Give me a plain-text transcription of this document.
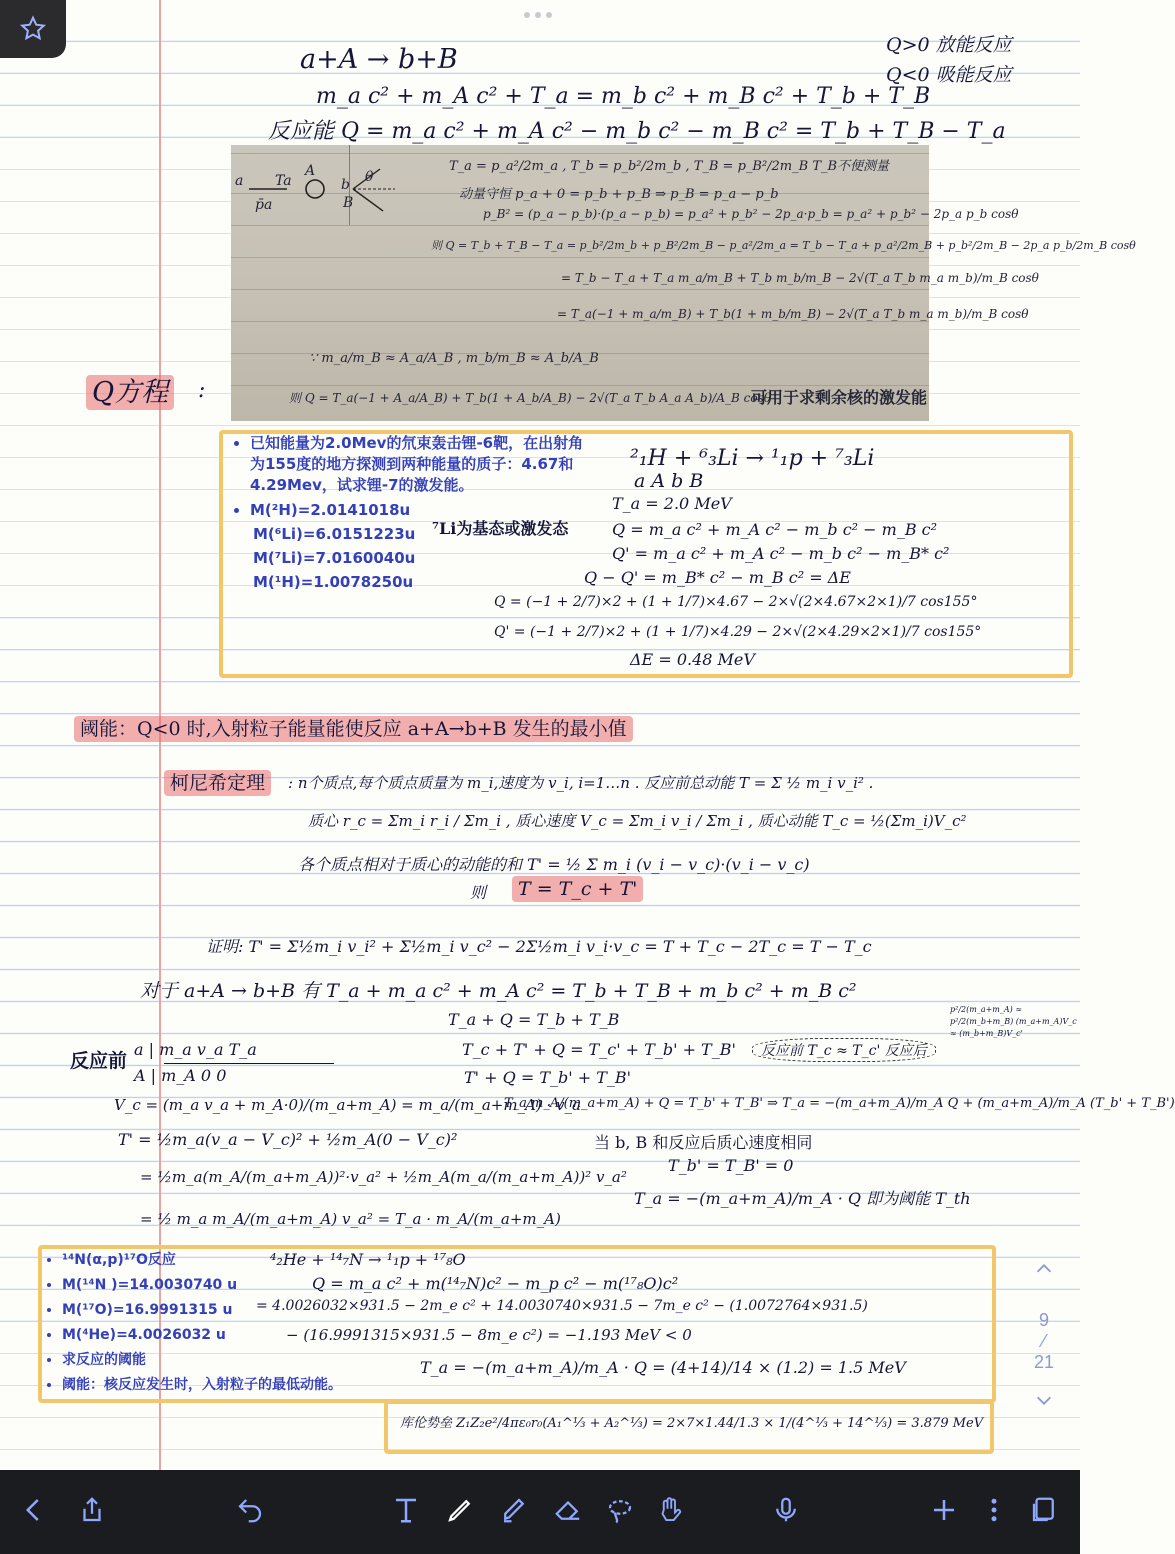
a+A → b+B
m_a c² + m_A c² + T_a = m_b c² + m_B c² + T_b + T_B
反应能 Q = m_a c² + m_A c² − m_b c² − m_B c² = T_b + T_B − T_a
Q>0 放能反应
Q<0 吸能反应
a Ta
p̄a
A
b
B
θ
T_a = p_a²/2m_a , T_b = p_b²/2m_b , T_B = p_B²/2m_B T_B不便测量
动量守恒 p_a + 0 = p_b + p_B ⇒ p_B = p_a − p_b
p_B² = (p_a − p_b)·(p_a − p_b) = p_a² + p_b² − 2p_a·p_b = p_a² + p_b² − 2p_a p_b cosθ
则 Q = T_b + T_B − T_a = p_b²/2m_b + p_B²/2m_B − p_a²/2m_a = T_b − T_a + p_a²/2m_B + p_b²/2m_B − 2p_a p_b/2m_B cosθ
= T_b − T_a + T_a m_a/m_B + T_b m_b/m_B − 2√(T_a T_b m_a m_b)/m_B cosθ
= T_a(−1 + m_a/m_B) + T_b(1 + m_b/m_B) − 2√(T_a T_b m_a m_b)/m_B cosθ
∵ m_a/m_B ≈ A_a/A_B , m_b/m_B ≈ A_b/A_B
则 Q = T_a(−1 + A_a/A_B) + T_b(1 + A_b/A_B) − 2√(T_a T_b A_a A_b)/A_B cosθ
可用于求剩余核的激发能
Q方程 :
• 已知能量为2.0Mev的氘束轰击锂-6靶，在出射角为155度的地方探测到两种能量的质子：4.67和4.29Mev，试求锂-7的激发能。
• M(²H)=2.0141018u
M(⁶Li)=6.0151223u
M(⁷Li)=7.0160040u
M(¹H)=1.0078250u
²₁H + ⁶₃Li → ¹₁p + ⁷₃Li
a A b B
T_a = 2.0 MeV
⁷Li为基态或激发态	Q = m_a c² + m_A c² − m_b c² − m_B c²
Q' = m_a c² + m_A c² − m_b c² − m_B* c²
Q − Q' = m_B* c² − m_B c² = ΔE
Q = (−1 + 2/7)×2 + (1 + 1/7)×4.67 − 2×√(2×4.67×2×1)/7 cos155°
Q' = (−1 + 2/7)×2 + (1 + 1/7)×4.29 − 2×√(2×4.29×2×1)/7 cos155°
ΔE = 0.48 MeV
阈能：Q<0 时,入射粒子能量能使反应 a+A→b+B 发生的最小值
柯尼希定理	: n个质点,每个质点质量为 m_i,速度为 v_i, i=1…n . 反应前总动能 T = Σ ½ m_i v_i² .
质心 r_c = Σm_i r_i / Σm_i , 质心速度 V_c = Σm_i v_i / Σm_i , 质心动能 T_c = ½(Σm_i)V_c²
各个质点相对于质心的动能的和 T' = ½ Σ m_i (v_i − v_c)·(v_i − v_c)
则	T = T_c + T'
证明: T' = Σ½m_i v_i² + Σ½m_i v_c² − 2Σ½m_i v_i·v_c = T + T_c − 2T_c = T − T_c
对于 a+A → b+B 有 T_a + m_a c² + m_A c² = T_b + T_B + m_b c² + m_B c²
T_a + Q = T_b + T_B
T_c + T' + Q = T_c' + T_b' + T_B'	反应前 T_c ≈ T_c' 反应后
p²/2(m_a+m_A) ≈ p²/2(m_b+m_B) (m_a+m_A)V_c ≈ (m_b+m_B)V_c'
T' + Q = T_b' + T_B'
T_a m_A/(m_a+m_A) + Q = T_b' + T_B' ⇒ T_a = −(m_a+m_A)/m_A Q + (m_a+m_A)/m_A (T_b' + T_B')
当 b, B 和反应后质心速度相同
T_b' = T_B' = 0
T_a = −(m_a+m_A)/m_A · Q 即为阈能 T_th
反应前
a | m_a v_a T_a
A | m_A 0 0
V_c = (m_a v_a + m_A·0)/(m_a+m_A) = m_a/(m_a+m_A) · v_a
T' = ½m_a(v_a − V_c)² + ½m_A(0 − V_c)²
= ½m_a(m_A/(m_a+m_A))²·v_a² + ½m_A(m_a/(m_a+m_A))² v_a²
= ½ m_a m_A/(m_a+m_A) v_a² = T_a · m_A/(m_a+m_A)
• ¹⁴N(α,p)¹⁷O反应
• M(¹⁴N )=14.0030740 u
• M(¹⁷O)=16.9991315 u
• M(⁴He)=4.0026032 u
• 求反应的阈能
• 阈能：核反应发生时，入射粒子的最低动能。
⁴₂He + ¹⁴₇N → ¹₁p + ¹⁷₈O
Q = m_a c² + m(¹⁴₇N)c² − m_p c² − m(¹⁷₈O)c²
= 4.0026032×931.5 − 2m_e c² + 14.0030740×931.5 − 7m_e c² − (1.0072764×931.5)
− (16.9991315×931.5 − 8m_e c²) = −1.193 MeV < 0
T_a = −(m_a+m_A)/m_A · Q = (4+14)/14 × (1.2) = 1.5 MeV
库伦势垒 Z₁Z₂e²/4πε₀r₀(A₁^⅓ + A₂^⅓) = 2×7×1.44/1.3 × 1/(4^⅓ + 14^⅓) = 3.879 MeV
9
⁄
21
